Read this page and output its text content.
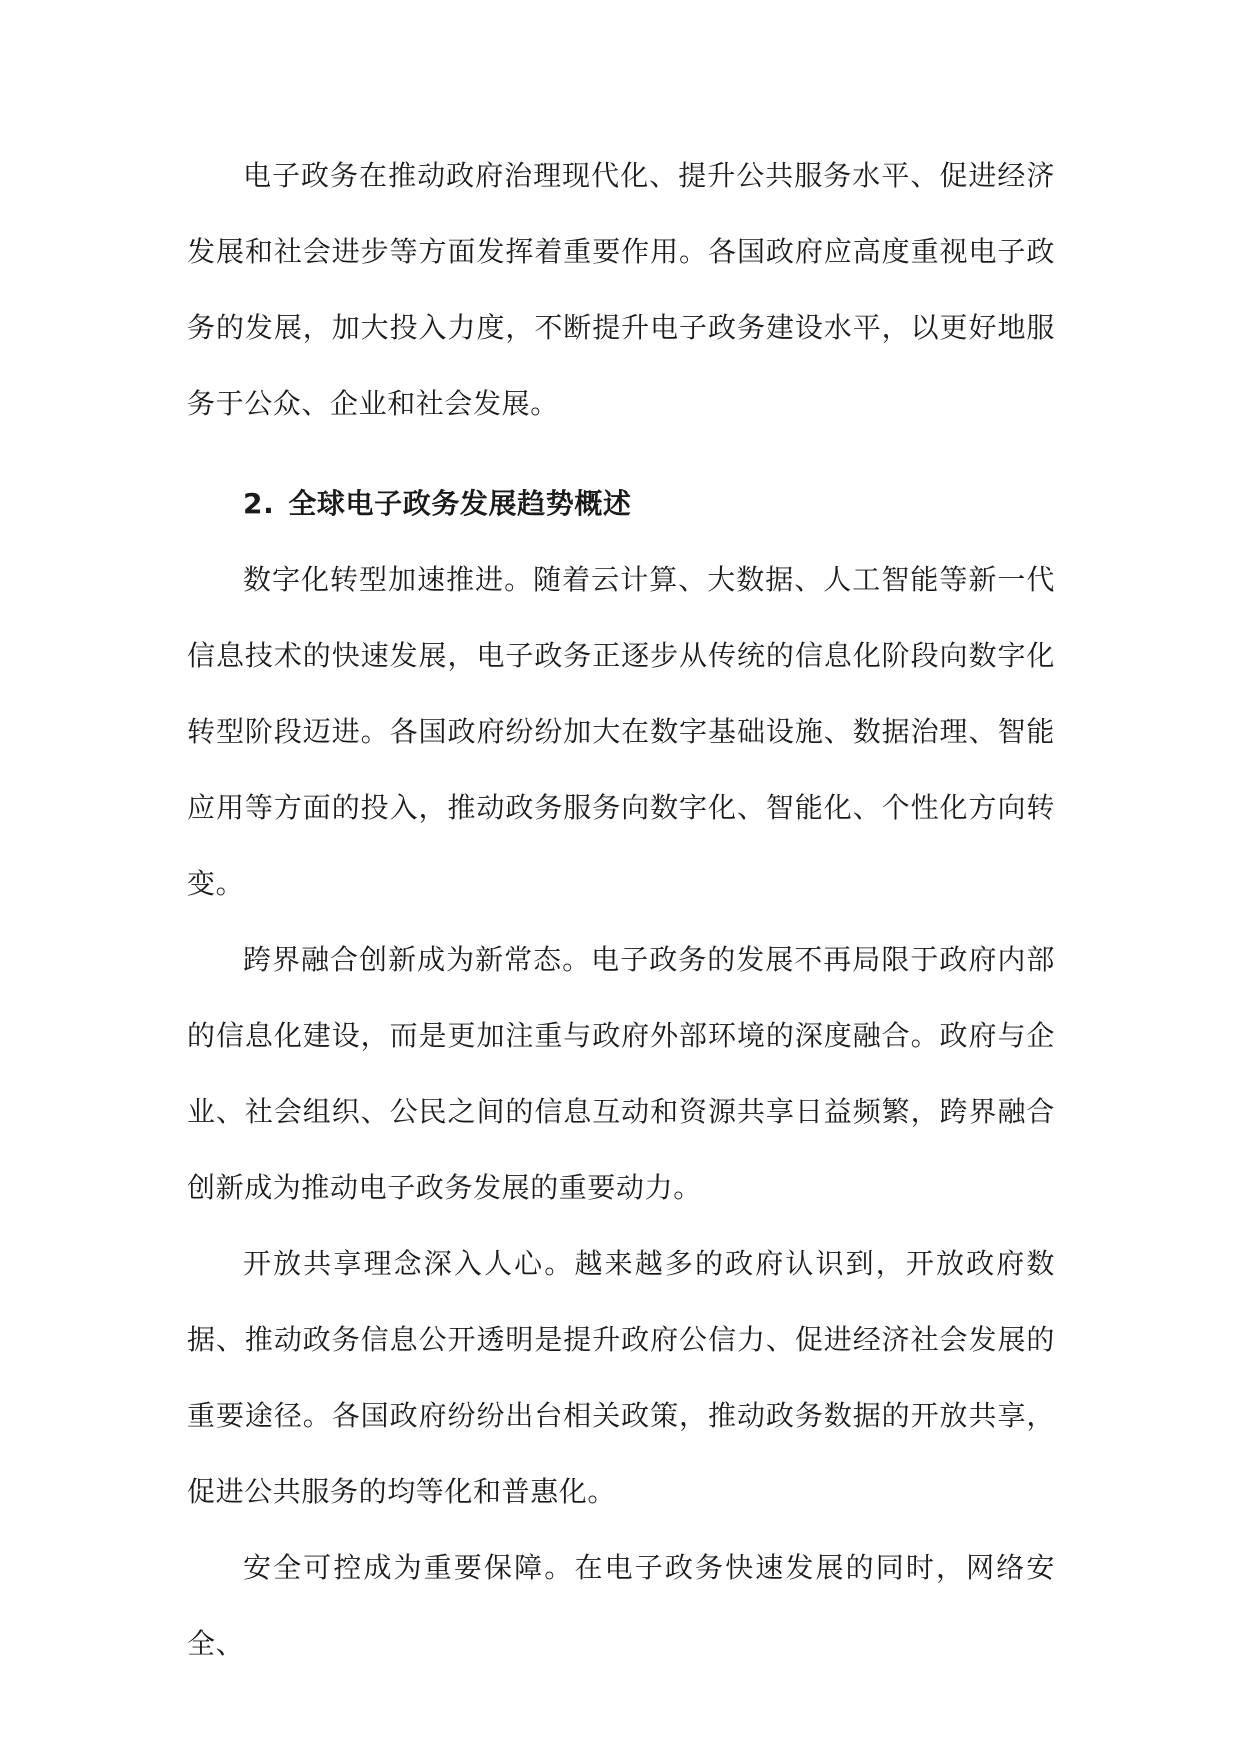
电子政务在推动政府治理现代化、提升公共服务水平、促进经济发展和社会进步等方面发挥着重要作用。各国政府应高度重视电子政务的发展，加大投入力度，不断提升电子政务建设水平，以更好地服务于公众、企业和社会发展。

2. 全球电子政务发展趋势概述

数字化转型加速推进。随着云计算、大数据、人工智能等新一代信息技术的快速发展，电子政务正逐步从传统的信息化阶段向数字化转型阶段迈进。各国政府纷纷加大在数字基础设施、数据治理、智能应用等方面的投入，推动政务服务向数字化、智能化、个性化方向转变。

跨界融合创新成为新常态。电子政务的发展不再局限于政府内部的信息化建设，而是更加注重与政府外部环境的深度融合。政府与企业、社会组织、公民之间的信息互动和资源共享日益频繁，跨界融合创新成为推动电子政务发展的重要动力。

开放共享理念深入人心。越来越多的政府认识到，开放政府数据、推动政务信息公开透明是提升政府公信力、促进经济社会发展的重要途径。各国政府纷纷出台相关政策，推动政务数据的开放共享，促进公共服务的均等化和普惠化。

安全可控成为重要保障。在电子政务快速发展的同时，网络安全、
